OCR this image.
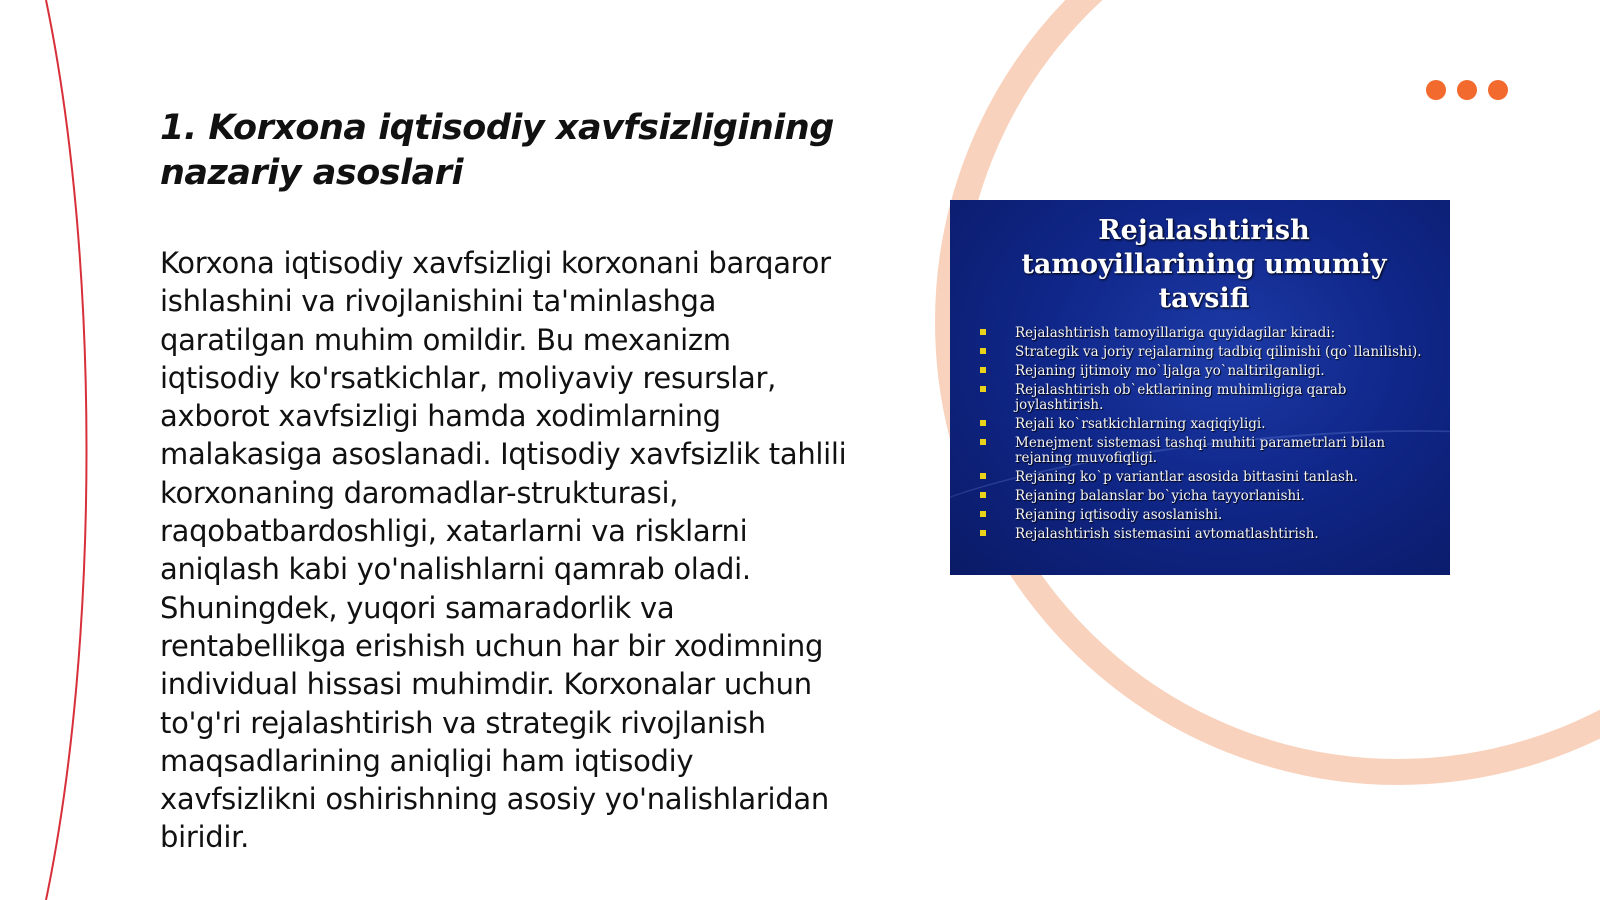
1. Korxona iqtisodiy xavfsizligining nazariy asoslari

Korxona iqtisodiy xavfsizligi korxonani barqaror ishlashini va rivojlanishini ta'minlashga qaratilgan muhim omildir. Bu mexanizm iqtisodiy ko'rsatkichlar, moliyaviy resurslar, axborot xavfsizligi hamda xodimlarning malakasiga asoslanadi. Iqtisodiy xavfsizlik tahlili korxonaning daromadlar-strukturasi, raqobatbardoshligi, xatarlarni va risklarni aniqlash kabi yo'nalishlarni qamrab oladi. Shuningdek, yuqori samaradorlik va rentabellikga erishish uchun har bir xodimning individual hissasi muhimdir. Korxonalar uchun to'g'ri rejalashtirish va strategik rivojlanish maqsadlarining aniqligi ham iqtisodiy xavfsizlikni oshirishning asosiy yo'nalishlaridan biridir.

Rejalashtirish tamoyillarining umumiy tavsifi
Rejalashtirish tamoyillariga quyidagilar kiradi:
Strategik va joriy rejalarning tadbiq qilinishi (qo`llanilishi).
Rejaning ijtimoiy mo`ljalga yo`naltirilganligi.
Rejalashtirish ob`ektlarining muhimligiga qarab joylashtirish.
Rejali ko`rsatkichlarning xaqiqiyligi.
Menejment sistemasi tashqi muhiti parametrlari bilan rejaning muvofiqligi.
Rejaning ko`p variantlar asosida bittasini tanlash.
Rejaning balanslar bo`yicha tayyorlanishi.
Rejaning iqtisodiy asoslanishi.
Rejalashtirish sistemasini avtomatlashtirish.
